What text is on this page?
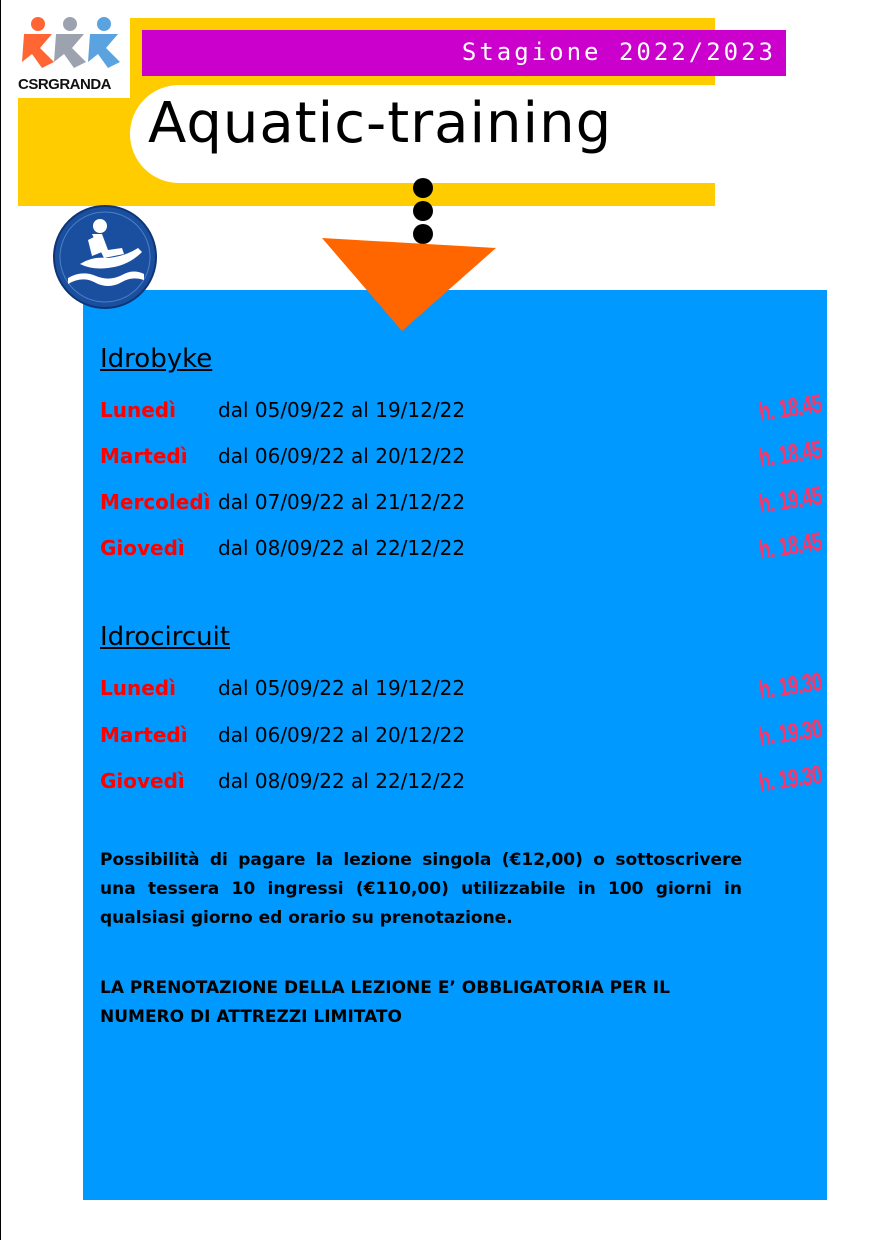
Stagione 2022/2023
Aquatic-training
CSRGRANDA
Idrobyke
Lunedì dal 05/09/22 al 19/12/22	h. 18.45
Martedì dal 06/09/22 al 20/12/22	h. 18.45
Mercoledì dal 07/09/22 al 21/12/22	h. 19.45
Giovedì dal 08/09/22 al 22/12/22	h. 18.45
Idrocircuit
Lunedì dal 05/09/22 al 19/12/22	h. 19.30
Martedì dal 06/09/22 al 20/12/22	h. 19.30
Giovedì dal 08/09/22 al 22/12/22	h. 19.30

Possibilità di pagare la lezione singola (€12,00) o sottoscrivere una tessera 10 ingressi (€110,00) utilizzabile in 100 giorni in qualsiasi giorno ed orario su prenotazione.

LA PRENOTAZIONE DELLA LEZIONE E’ OBBLIGATORIA PER IL NUMERO DI ATTREZZI LIMITATO
